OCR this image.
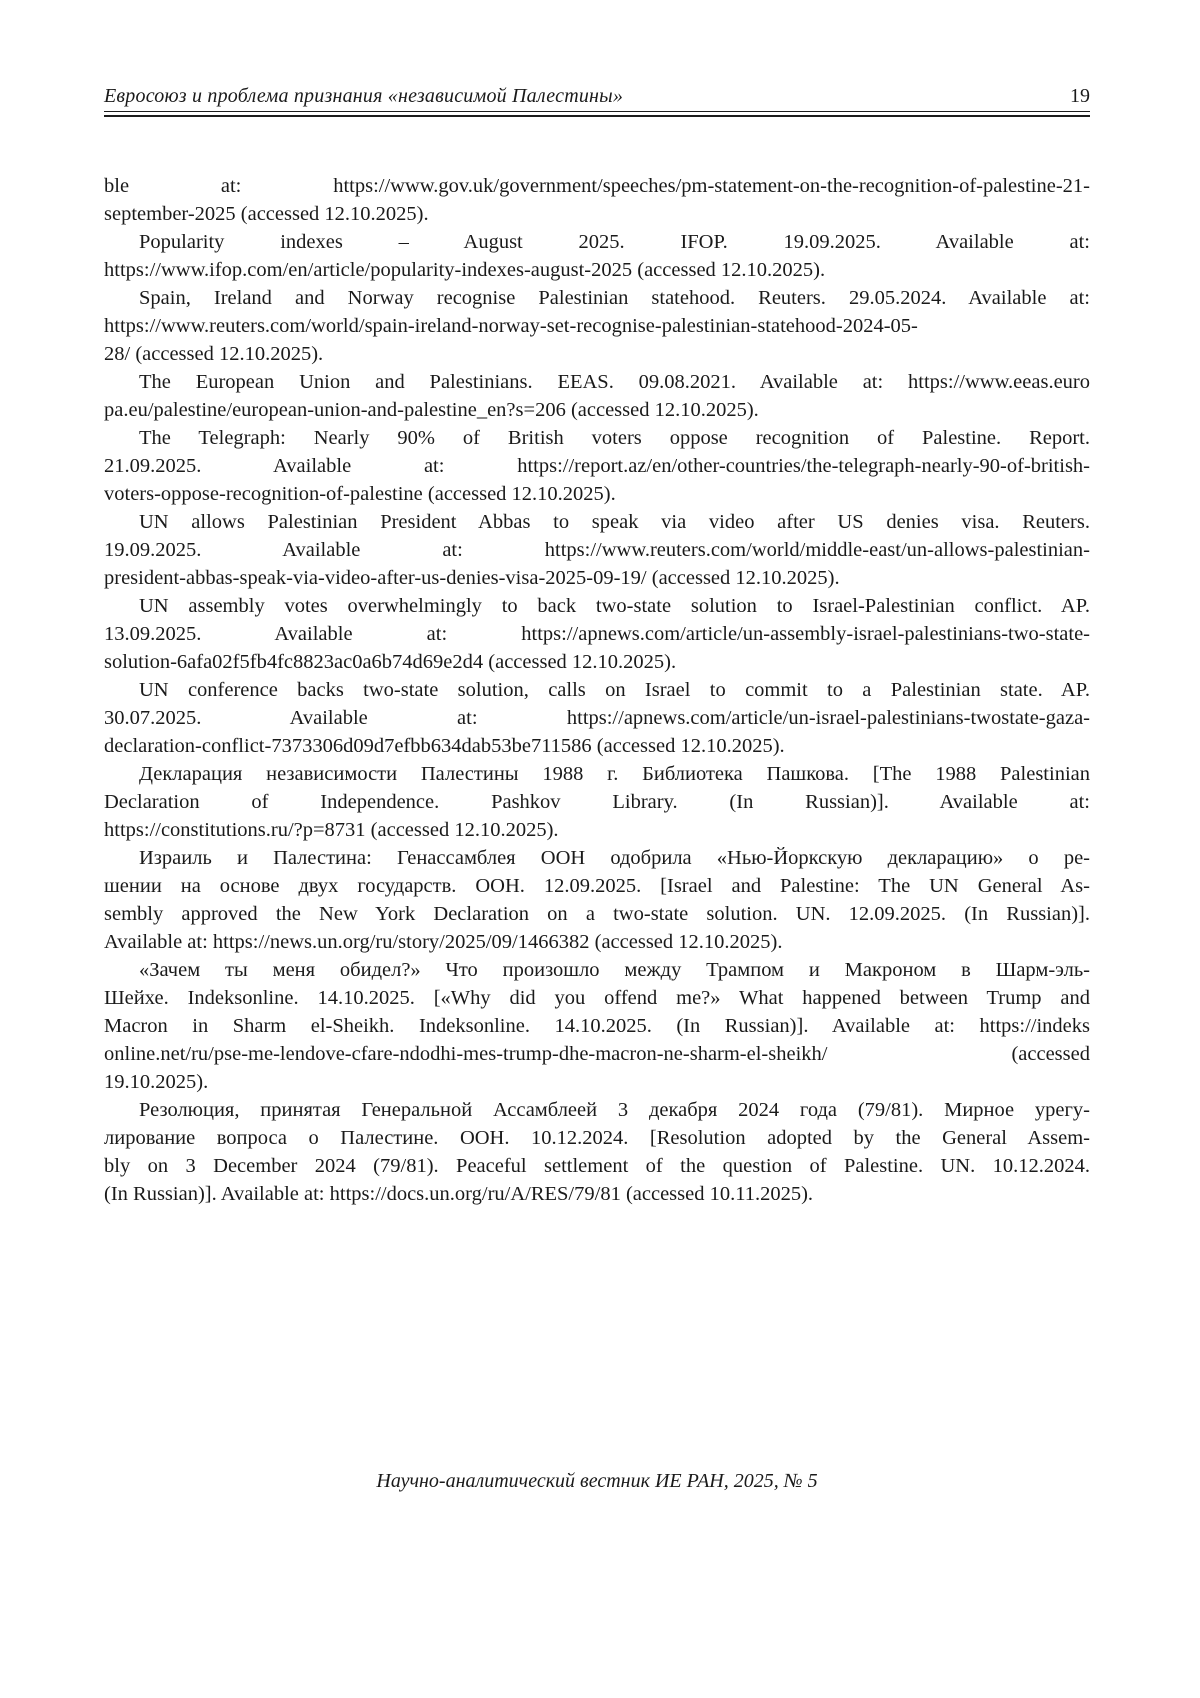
Евросоюз и проблема признания «независимой Палестины»	19
ble at: https://www.gov.uk/government/speeches/pm-statement-on-the-recognition-of-palestine-21-
september-2025 (accessed 12.10.2025).
Popularity indexes – August 2025. IFOP. 19.09.2025. Available at:
https://www.ifop.com/en/article/popularity-indexes-august-2025 (accessed 12.10.2025).
Spain, Ireland and Norway recognise Palestinian statehood. Reuters. 29.05.2024. Available at:
https://www.reuters.com/world/spain-ireland-norway-set-recognise-palestinian-statehood-2024-05-
28/ (accessed 12.10.2025).
The European Union and Palestinians. EEAS. 09.08.2021. Available at: https://www.eeas.euro
pa.eu/palestine/european-union-and-palestine_en?s=206 (accessed 12.10.2025).
The Telegraph: Nearly 90% of British voters oppose recognition of Palestine. Report.
21.09.2025. Available at: https://report.az/en/other-countries/the-telegraph-nearly-90-of-british-
voters-oppose-recognition-of-palestine (accessed 12.10.2025).
UN allows Palestinian President Abbas to speak via video after US denies visa. Reuters.
19.09.2025. Available at: https://www.reuters.com/world/middle-east/un-allows-palestinian-
president-abbas-speak-via-video-after-us-denies-visa-2025-09-19/ (accessed 12.10.2025).
UN assembly votes overwhelmingly to back two-state solution to Israel-Palestinian conflict. AP.
13.09.2025. Available at: https://apnews.com/article/un-assembly-israel-palestinians-two-state-
solution-6afa02f5fb4fc8823ac0a6b74d69e2d4 (accessed 12.10.2025).
UN conference backs two-state solution, calls on Israel to commit to a Palestinian state. AP.
30.07.2025. Available at: https://apnews.com/article/un-israel-palestinians-twostate-gaza-
declaration-conflict-7373306d09d7efbb634dab53be711586 (accessed 12.10.2025).
Декларация независимости Палестины 1988 г. Библиотека Пашкова. [The 1988 Palestinian
Declaration of Independence. Pashkov Library. (In Russian)]. Available at:
https://constitutions.ru/?p=8731 (accessed 12.10.2025).
Израиль и Палестина: Генассамблея ООН одобрила «Нью-Йоркскую декларацию» о ре-
шении на основе двух государств. ООН. 12.09.2025. [Israel and Palestine: The UN General As-
sembly approved the New York Declaration on a two-state solution. UN. 12.09.2025. (In Russian)].
Available at: https://news.un.org/ru/story/2025/09/1466382 (accessed 12.10.2025).
«Зачем ты меня обидел?» Что произошло между Трампом и Макроном в Шарм-эль-
Шейхе. Indeksonline. 14.10.2025. [«Why did you offend me?» What happened between Trump and
Macron in Sharm el-Sheikh. Indeksonline. 14.10.2025. (In Russian)]. Available at: https://indeks
online.net/ru/pse-me-lendove-cfare-ndodhi-mes-trump-dhe-macron-ne-sharm-el-sheikh/ (accessed
19.10.2025).
Резолюция, принятая Генеральной Ассамблеей 3 декабря 2024 года (79/81). Мирное урегу-
лирование вопроса о Палестине. ООН. 10.12.2024. [Resolution adopted by the General Assem-
bly on 3 December 2024 (79/81). Peaceful settlement of the question of Palestine. UN. 10.12.2024.
(In Russian)]. Available at: https://docs.un.org/ru/A/RES/79/81 (accessed 10.11.2025).
Научно-аналитический вестник ИЕ РАН, 2025, № 5
